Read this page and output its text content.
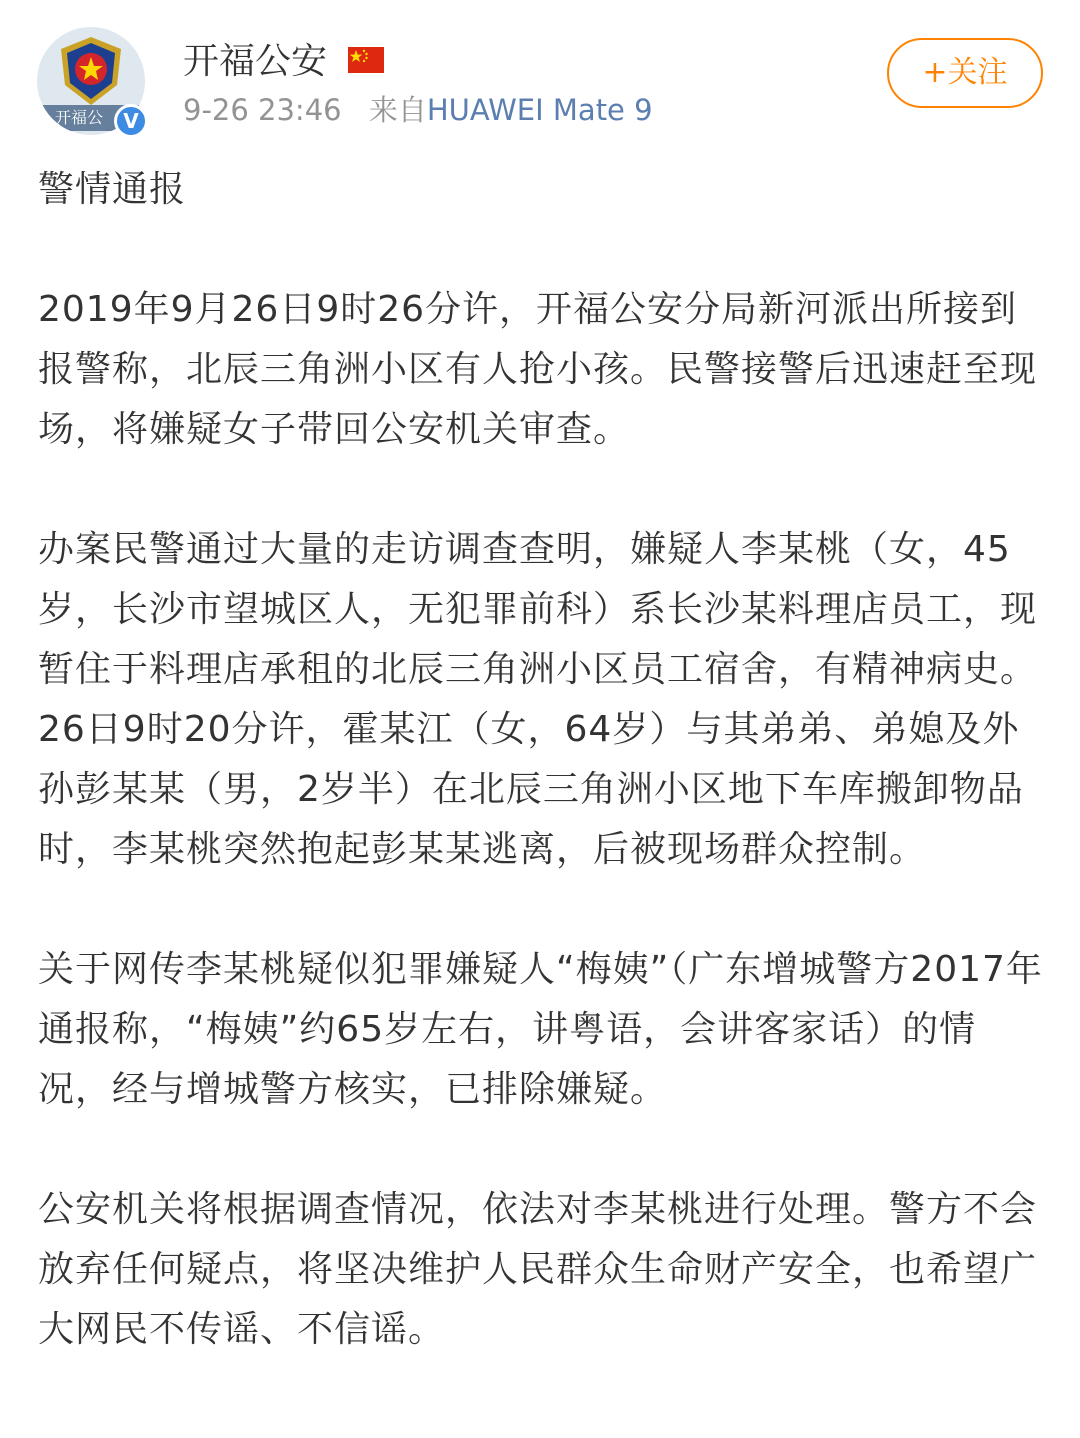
开福公	V
开福公安
9-26 23:46 来自HUAWEI Mate 9
+关注

警情通报

2019年9月26日9时26分许，开福公安分局新河派出所接到报警称，北辰三角洲小区有人抢小孩。民警接警后迅速赶至现场，将嫌疑女子带回公安机关审查。

办案民警通过大量的走访调查查明，嫌疑人李某桃（女，45岁，长沙市望城区人，无犯罪前科）系长沙某料理店员工，现暂住于料理店承租的北辰三角洲小区员工宿舍，有精神病史。26日9时20分许，霍某江（女，64岁）与其弟弟、弟媳及外孙彭某某（男，2岁半）在北辰三角洲小区地下车库搬卸物品时，李某桃突然抱起彭某某逃离，后被现场群众控制。

关于网传李某桃疑似犯罪嫌疑人“梅姨”（广东增城警方2017年通报称，“梅姨”约65岁左右，讲粤语，会讲客家话）的情况，经与增城警方核实，已排除嫌疑。

公安机关将根据调查情况，依法对李某桃进行处理。警方不会放弃任何疑点，将坚决维护人民群众生命财产安全，也希望广大网民不传谣、不信谣。
